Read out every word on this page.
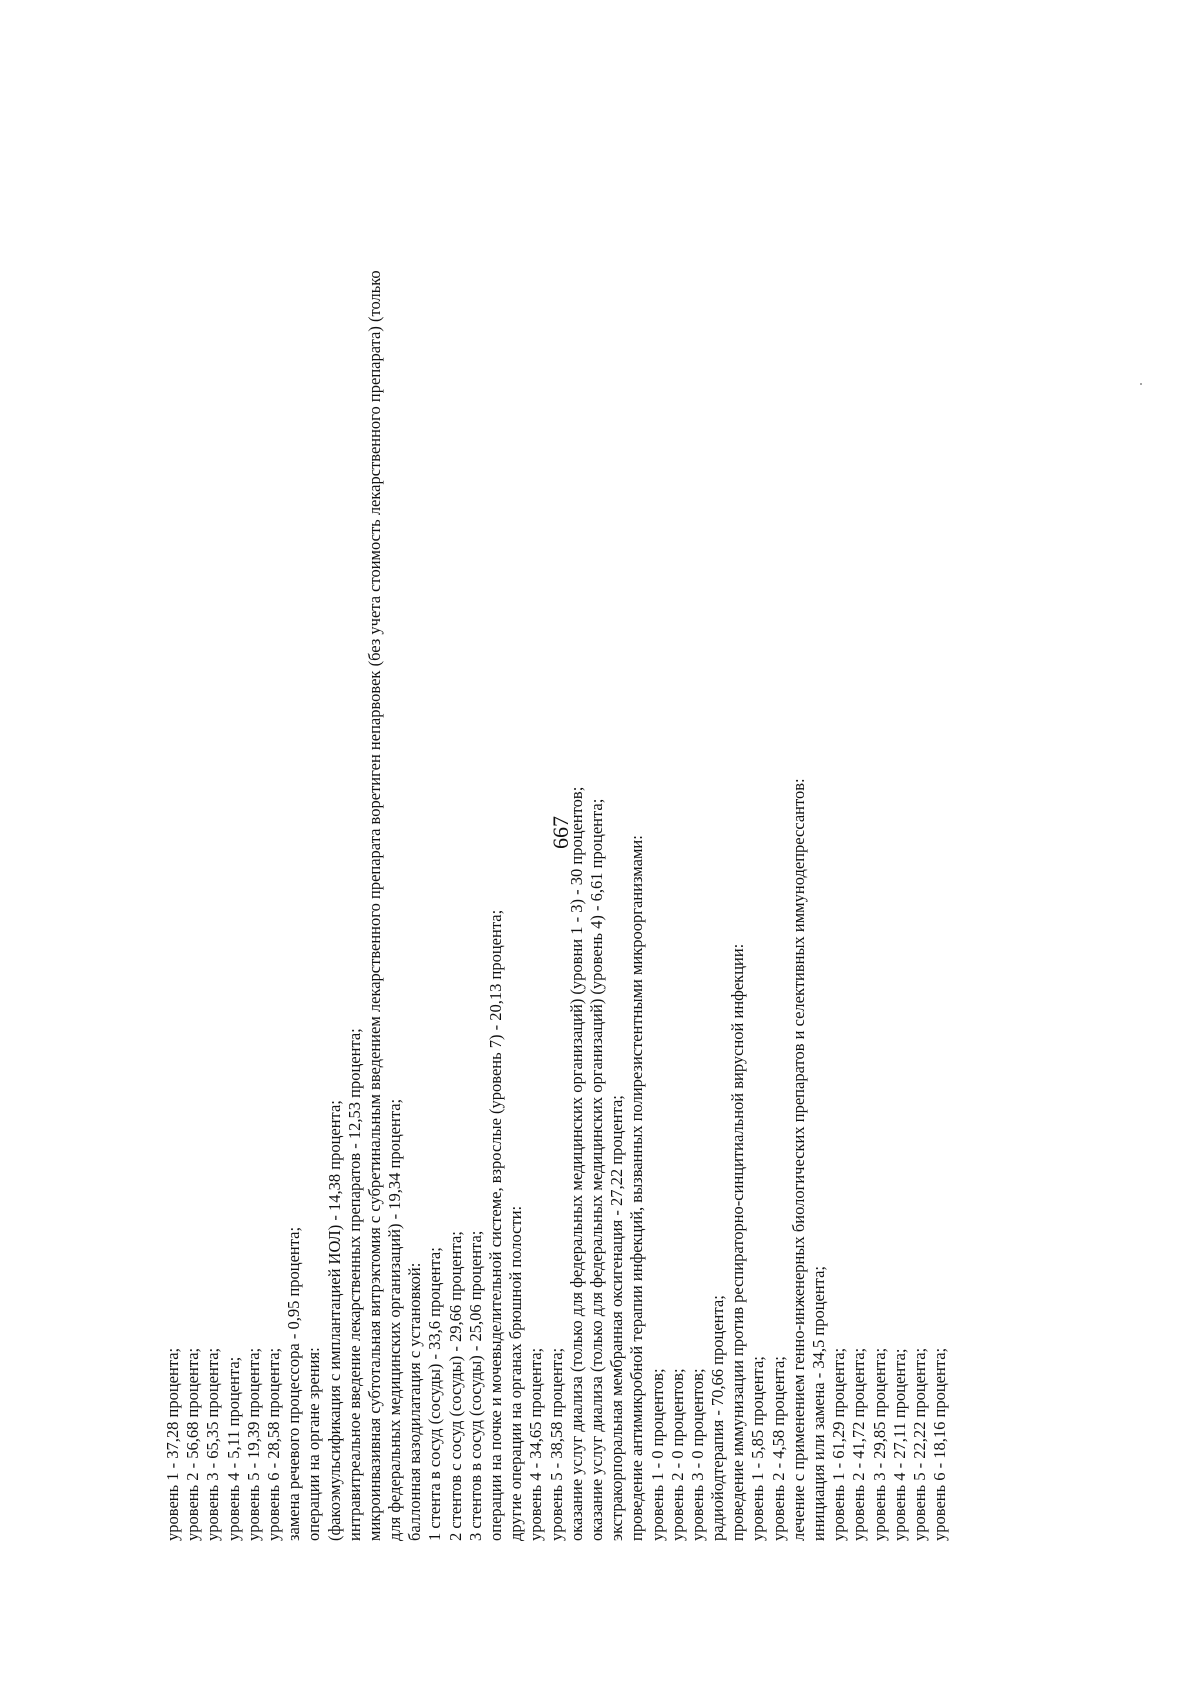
667
уровень 1 - 37,28 процента; уровень 2 - 56,68 процента; уровень 3 - 65,35 процента; уровень 4 - 5,11 процента; уровень 5 - 19,39 процента; уровень 6 - 28,58 процента; замена речевого процессора - 0,95 процента; операции на органе зрения: (факоэмульсификация с имплантацией ИОЛ) - 14,38 процента; интравитреальное введение лекарственных препаратов - 12,53 процента; микроинвазивная субтотальная витрэктомия с субретинальным введением лекарственного препарата воретиген непарвовек (без учета стоимость лекарственного препарата) (только для федеральных медицинских организаций) - 19,34 процента; баллонная вазодилатация с установкой: 1 стента в сосуд (сосуды) - 33,6 процента; 2 стентов с сосуд (сосуды) - 29,66 процента; 3 стентов в сосуд (сосуды) - 25,06 процента; операции на почке и мочевыделительной системе, взрослые (уровень 7) - 20,13 процента; другие операции на органах брюшной полости: уровень 4 - 34,65 процента; уровень 5 - 38,58 процента; оказание услуг диализа (только для федеральных медицинских организаций) (уровни 1 - 3) - 30 процентов; оказание услуг диализа (только для федеральных медицинских организаций) (уровень 4) - 6,61 процента; экстракорпоральная мембранная оксигенация - 27,22 процента; проведение антимикробной терапии инфекций, вызванных полирезистентными микроорганизмами: уровень 1 - 0 процентов; уровень 2 - 0 процентов; уровень 3 - 0 процентов; радиойодтерапия - 70,66 процента; проведение иммунизации против респираторно-синцитиальной вирусной инфекции: уровень 1 - 5,85 процента; уровень 2 - 4,58 процента; лечение с применением генно-инженерных биологических препаратов и селективных иммунодепрессантов: инициация или замена - 34,5 процента; уровень 1 - 61,29 процента; уровень 2 - 41,72 процента; уровень 3 - 29,85 процента; уровень 4 - 27,11 процента; уровень 5 - 22,22 процента; уровень 6 - 18,16 процента;
